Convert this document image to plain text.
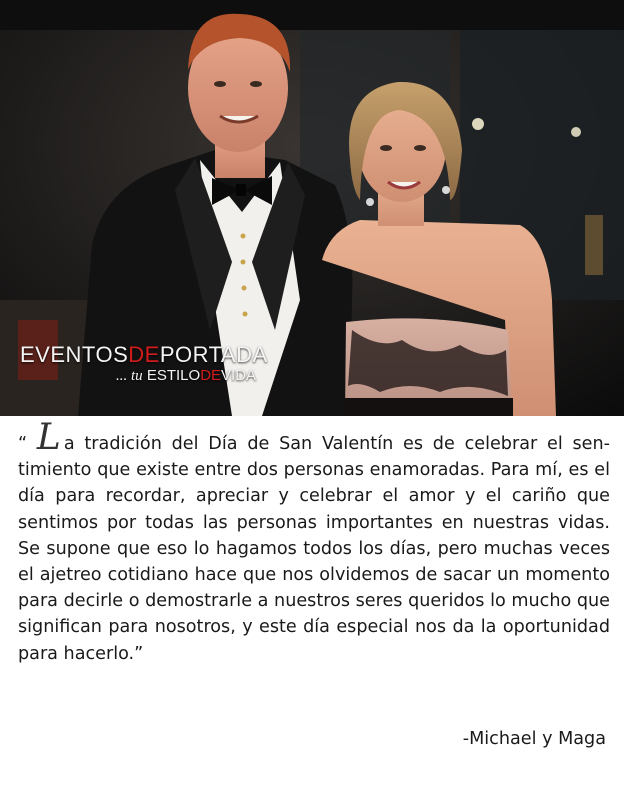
EVENTOSDEPORTADA
... tu ESTILODEVIDA

“ L a tradición del Día de San Valentín es de celebrar el sen-timiento que existe entre dos personas enamoradas. Para mí, es el día para recordar, apreciar y celebrar el amor y el cariño que sentimos por todas las personas importantes en nuestras vidas. Se supone que eso lo hagamos todos los días, pero muchas veces el ajetreo cotidiano hace que nos olvidemos de sacar un momento para decirle o demostrarle a nuestros seres queridos lo mucho que significan para nosotros, y este día especial nos da la oportunidad para hacerlo.”

-Michael y Maga
